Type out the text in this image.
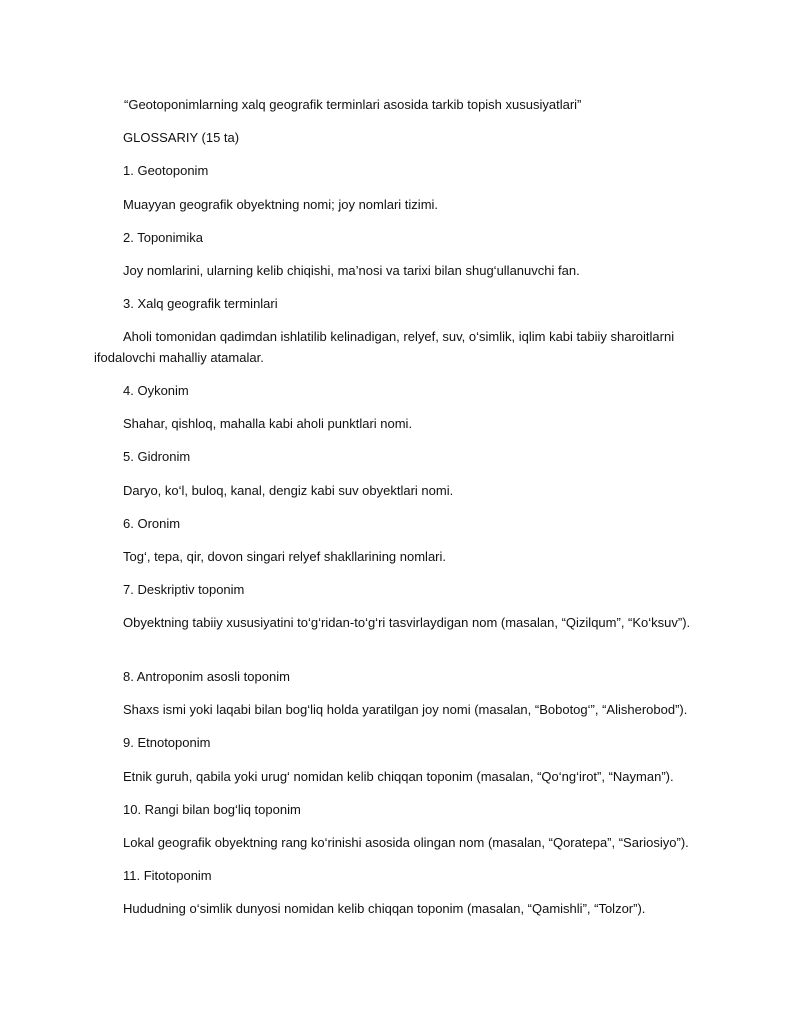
“Geotoponimlarning xalq geografik terminlari asosida tarkib topish xususiyatlari”

GLOSSARIY (15 ta)

1. Geotoponim

Muayyan geografik obyektning nomi; joy nomlari tizimi.

2. Toponimika

Joy nomlarini, ularning kelib chiqishi, ma’nosi va tarixi bilan shug‘ullanuvchi fan.

3. Xalq geografik terminlari

Aholi tomonidan qadimdan ishlatilib kelinadigan, relyef, suv, o‘simlik, iqlim kabi tabiiy sharoitlarni ifodalovchi mahalliy atamalar.

4. Oykonim

Shahar, qishloq, mahalla kabi aholi punktlari nomi.

5. Gidronim

Daryo, ko‘l, buloq, kanal, dengiz kabi suv obyektlari nomi.

6. Oronim

Tog‘, tepa, qir, dovon singari relyef shakllarining nomlari.

7. Deskriptiv toponim

Obyektning tabiiy xususiyatini to‘g‘ridan-to‘g‘ri tasvirlaydigan nom (masalan, “Qizilqum”, “Ko‘ksuv”).

8. Antroponim asosli toponim

Shaxs ismi yoki laqabi bilan bog‘liq holda yaratilgan joy nomi (masalan, “Bobotog‘”, “Alisherobod”).

9. Etnotoponim

Etnik guruh, qabila yoki urug‘ nomidan kelib chiqqan toponim (masalan, “Qo‘ng‘irot”, “Nayman”).

10. Rangi bilan bog‘liq toponim

Lokal geografik obyektning rang ko‘rinishi asosida olingan nom (masalan, “Qoratepa”, “Sariosiyo”).

11. Fitotoponim

Hududning o‘simlik dunyosi nomidan kelib chiqqan toponim (masalan, “Qamishli”, “Tolzor”).
